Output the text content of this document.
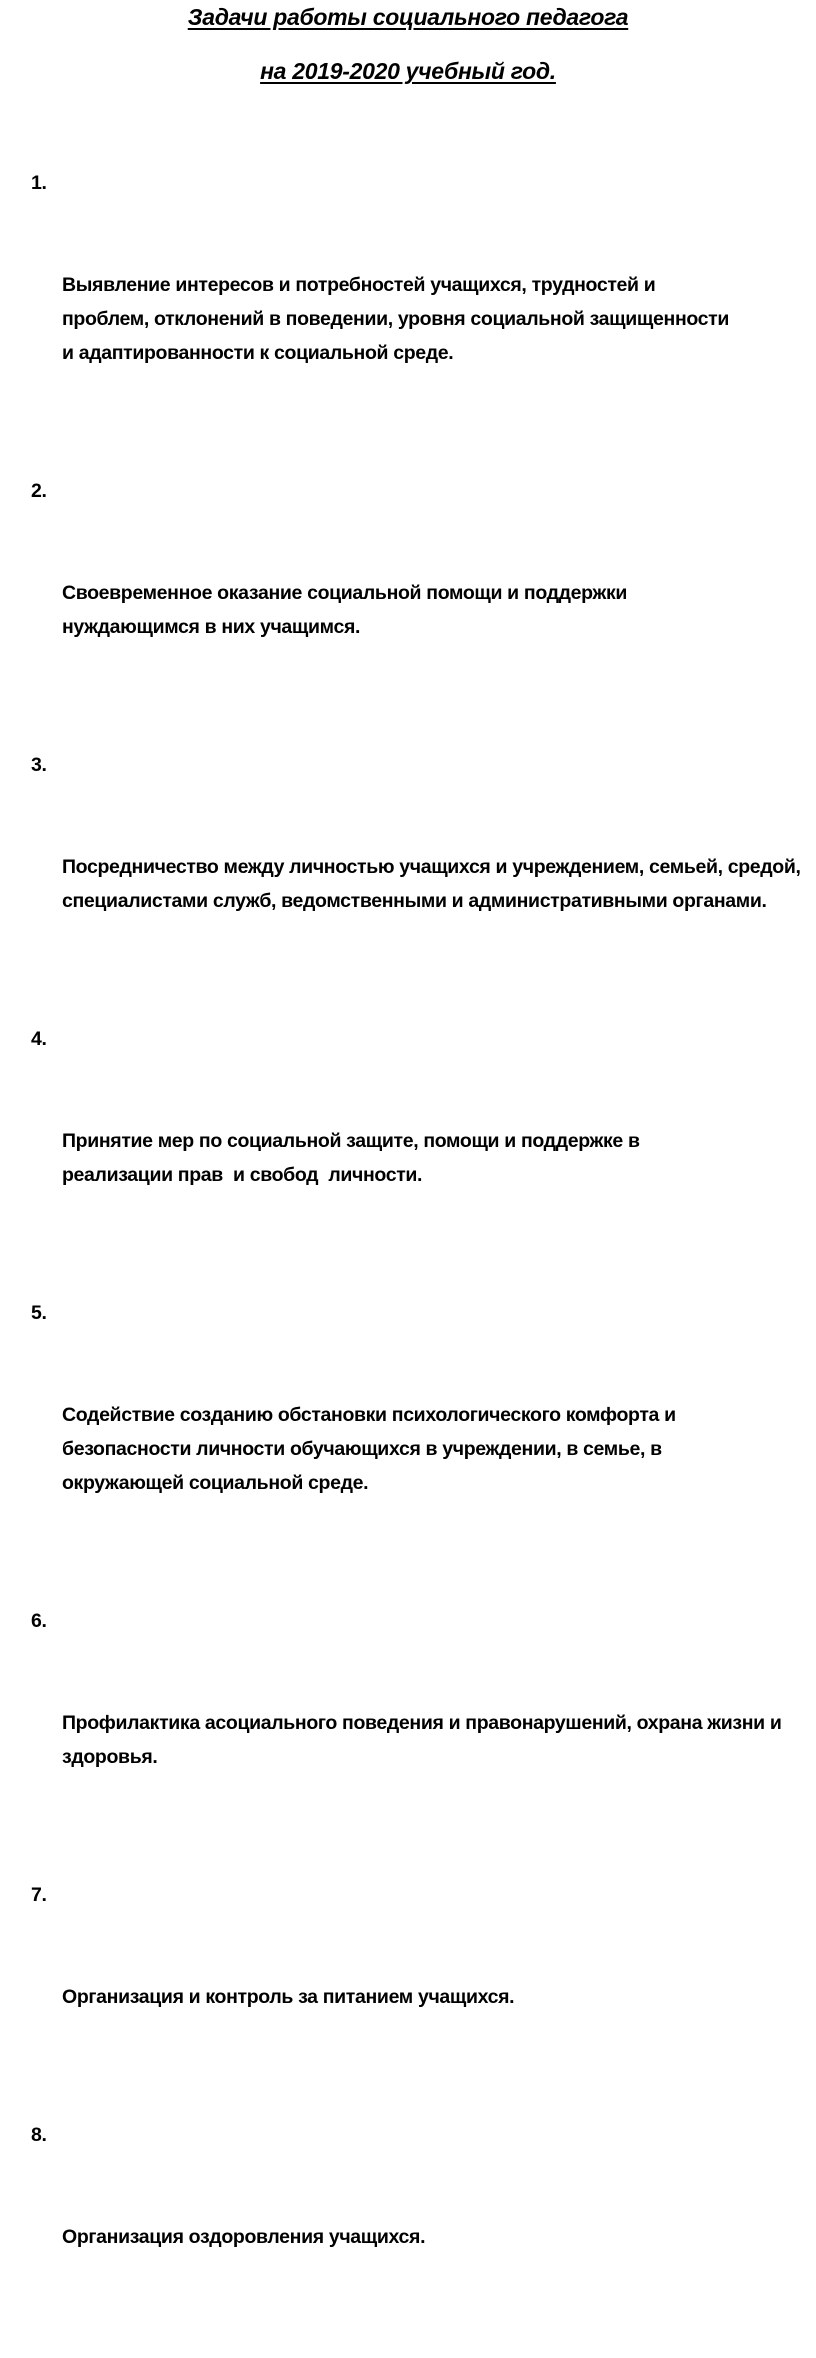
Задачи работы социального педагога
на 2019-2020 учебный год.

1.

Выявление интересов и потребностей учащихся, трудностей и проблем, отклонений в поведении, уровня социальной защищенности и адаптированности к социальной среде.

2.

Своевременное оказание социальной помощи и поддержки нуждающимся в них учащимся.

3.

Посредничество между личностью учащихся и учреждением, семьей, средой, специалистами служб, ведомственными и административными органами.

4.

Принятие мер по социальной защите, помощи и поддержке в реализации прав  и свобод  личности.

5.

Содействие созданию обстановки психологического комфорта и безопасности личности обучающихся в учреждении, в семье, в окружающей социальной среде.

6.

Профилактика асоциального поведения и правонарушений, охрана жизни и здоровья.

7.

Организация и контроль за питанием учащихся.

8.

Организация оздоровления учащихся.
